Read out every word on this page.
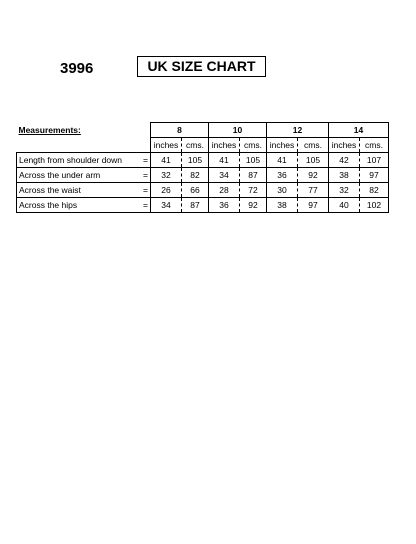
3996	UK SIZE CHART
Measurements:		8		10		12		14	
		inches	cms.	inches	cms.	inches	cms.	inches	cms.
Length from shoulder down	=	41	105	41	105	41	105	42	107
Across the under arm	=	32	82	34	87	36	92	38	97
Across the waist	=	26	66	28	72	30	77	32	82
Across the hips	=	34	87	36	92	38	97	40	102
